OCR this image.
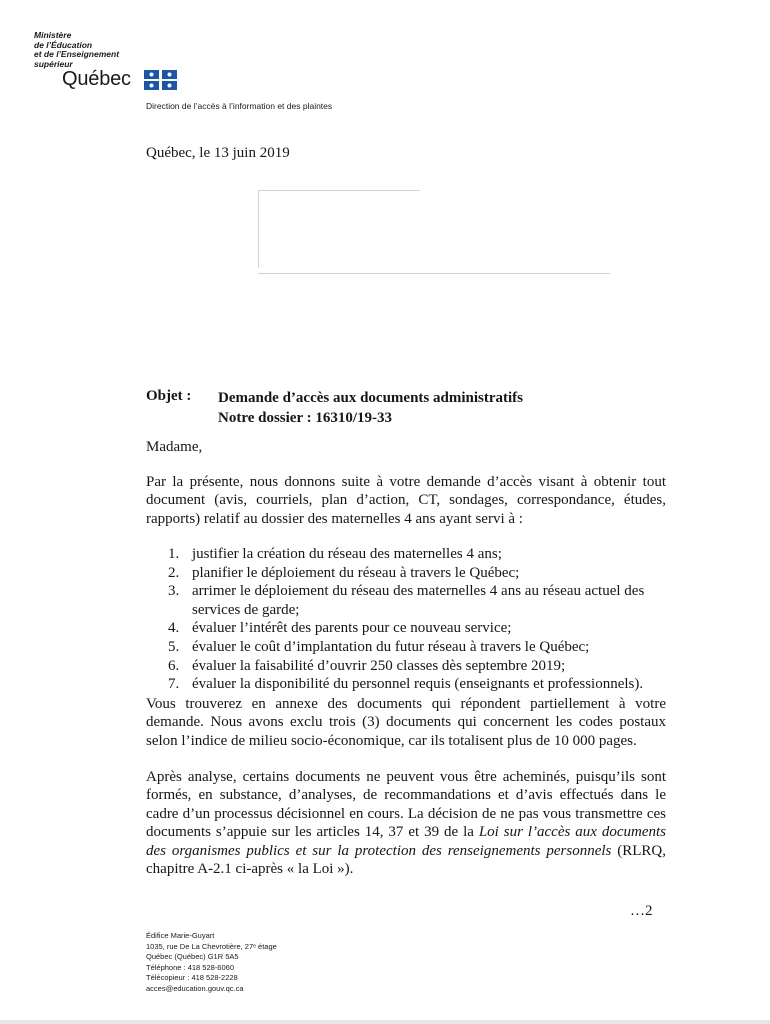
Ministère
de l’Éducation
et de l’Enseignement
supérieur
Québec
Direction de l’accès à l’information et des plaintes
Québec, le 13 juin 2019
Objet : Demande d’accès aux documents administratifs
Notre dossier : 16310/19-33
Madame,

Par la présente, nous donnons suite à votre demande d’accès visant à obtenir tout document (avis, courriels, plan d’action, CT, sondages, correspondance, études, rapports) relatif au dossier des maternelles 4 ans ayant servi à :

1. justifier la création du réseau des maternelles 4 ans;
2. planifier le déploiement du réseau à travers le Québec;
3. arrimer le déploiement du réseau des maternelles 4 ans au réseau actuel des services de garde;
4. évaluer l’intérêt des parents pour ce nouveau service;
5. évaluer le coût d’implantation du futur réseau à travers le Québec;
6. évaluer la faisabilité d’ouvrir 250 classes dès septembre 2019;
7. évaluer la disponibilité du personnel requis (enseignants et professionnels).

Vous trouverez en annexe des documents qui répondent partiellement à votre demande. Nous avons exclu trois (3) documents qui concernent les codes postaux selon l’indice de milieu socio-économique, car ils totalisent plus de 10 000 pages.

Après analyse, certains documents ne peuvent vous être acheminés, puisqu’ils sont formés, en substance, d’analyses, de recommandations et d’avis effectués dans le cadre d’un processus décisionnel en cours. La décision de ne pas vous transmettre ces documents s’appuie sur les articles 14, 37 et 39 de la Loi sur l’accès aux documents des organismes publics et sur la protection des renseignements personnels (RLRQ, chapitre A-2.1 ci-après « la Loi »).

…2
Édifice Marie-Guyart
1035, rue De La Chevrotière, 27ᵉ étage
Québec (Québec) G1R 5A5
Téléphone : 418 528-6060
Télécopieur : 418 528-2228
acces@education.gouv.qc.ca
